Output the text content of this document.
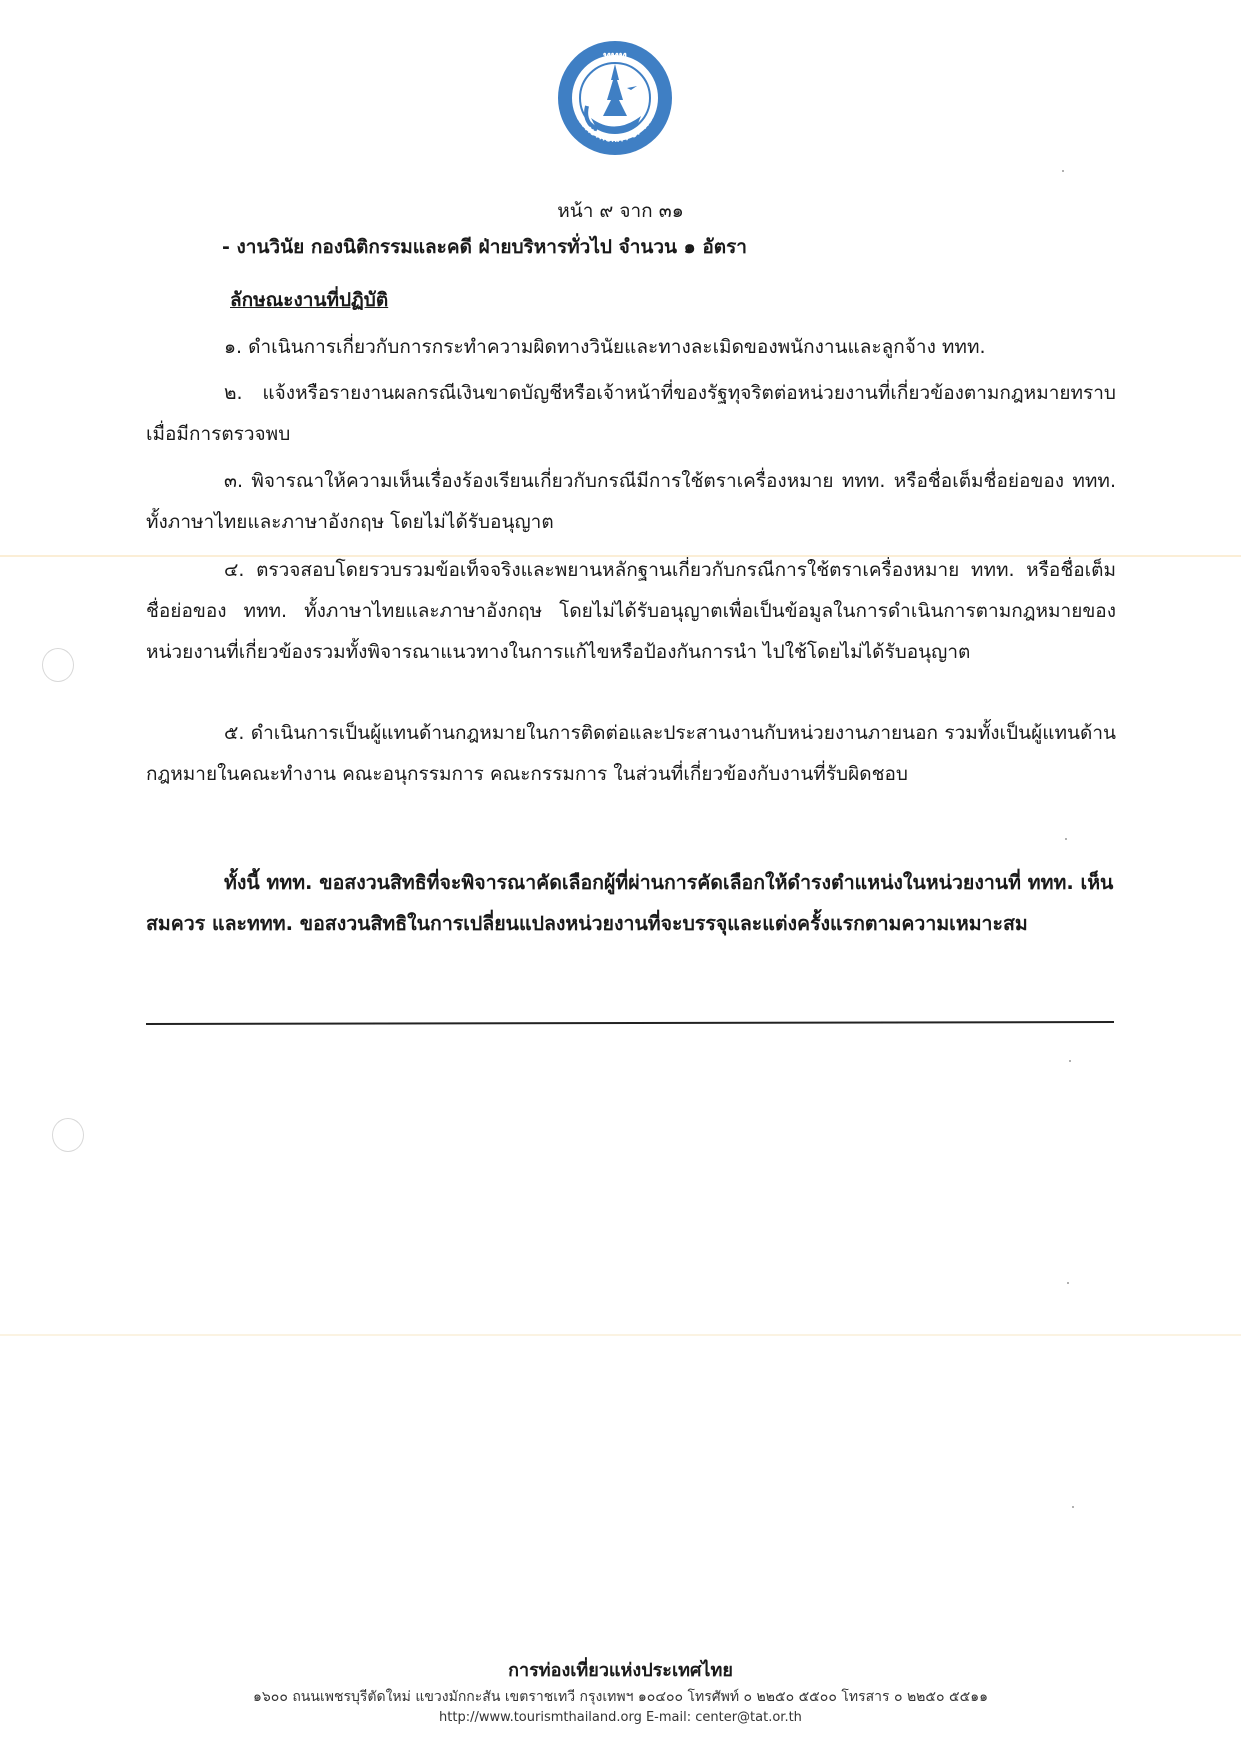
ททท
URISM AUTHORITY OF THAILAN
หน้า ๙ จาก ๓๑
- งานวินัย กองนิติกรรมและคดี ฝ่ายบริหารทั่วไป จำนวน ๑ อัตรา
ลักษณะงานที่ปฏิบัติ
๑. ดำเนินการเกี่ยวกับการกระทำความผิดทางวินัยและทางละเมิดของพนักงานและลูกจ้าง ททท.
๒. แจ้งหรือรายงานผลกรณีเงินขาดบัญชีหรือเจ้าหน้าที่ของรัฐทุจริตต่อหน่วยงานที่เกี่ยวข้องตามกฎหมายทราบเมื่อมีการตรวจพบ
๓. พิจารณาให้ความเห็นเรื่องร้องเรียนเกี่ยวกับกรณีมีการใช้ตราเครื่องหมาย ททท. หรือชื่อเต็มชื่อย่อของ ททท. ทั้งภาษาไทยและภาษาอังกฤษ โดยไม่ได้รับอนุญาต
๔. ตรวจสอบโดยรวบรวมข้อเท็จจริงและพยานหลักฐานเกี่ยวกับกรณีการใช้ตราเครื่องหมาย ททท. หรือชื่อเต็ม ชื่อย่อของ ททท. ทั้งภาษาไทยและภาษาอังกฤษ โดยไม่ได้รับอนุญาตเพื่อเป็นข้อมูลในการดำเนินการตามกฎหมายของหน่วยงานที่เกี่ยวข้องรวมทั้งพิจารณาแนวทางในการแก้ไขหรือป้องกันการนำ ไปใช้โดยไม่ได้รับอนุญาต
๕. ดำเนินการเป็นผู้แทนด้านกฎหมายในการติดต่อและประสานงานกับหน่วยงานภายนอก รวมทั้งเป็นผู้แทนด้านกฎหมายในคณะทำงาน คณะอนุกรรมการ คณะกรรมการ ในส่วนที่เกี่ยวข้องกับงานที่รับผิดชอบ
ทั้งนี้ ททท. ขอสงวนสิทธิที่จะพิจารณาคัดเลือกผู้ที่ผ่านการคัดเลือกให้ดำรงตำแหน่งในหน่วยงานที่ ททท. เห็นสมควร และททท. ขอสงวนสิทธิในการเปลี่ยนแปลงหน่วยงานที่จะบรรจุและแต่งครั้งแรกตามความเหมาะสม
การท่องเที่ยวแห่งประเทศไทย
๑๖๐๐ ถนนเพชรบุรีตัดใหม่ แขวงมักกะสัน เขตราชเทวี กรุงเทพฯ ๑๐๔๐๐ โทรศัพท์ ๐ ๒๒๕๐ ๕๕๐๐ โทรสาร ๐ ๒๒๕๐ ๕๕๑๑
http://www.tourismthailand.org E-mail: center@tat.or.th
